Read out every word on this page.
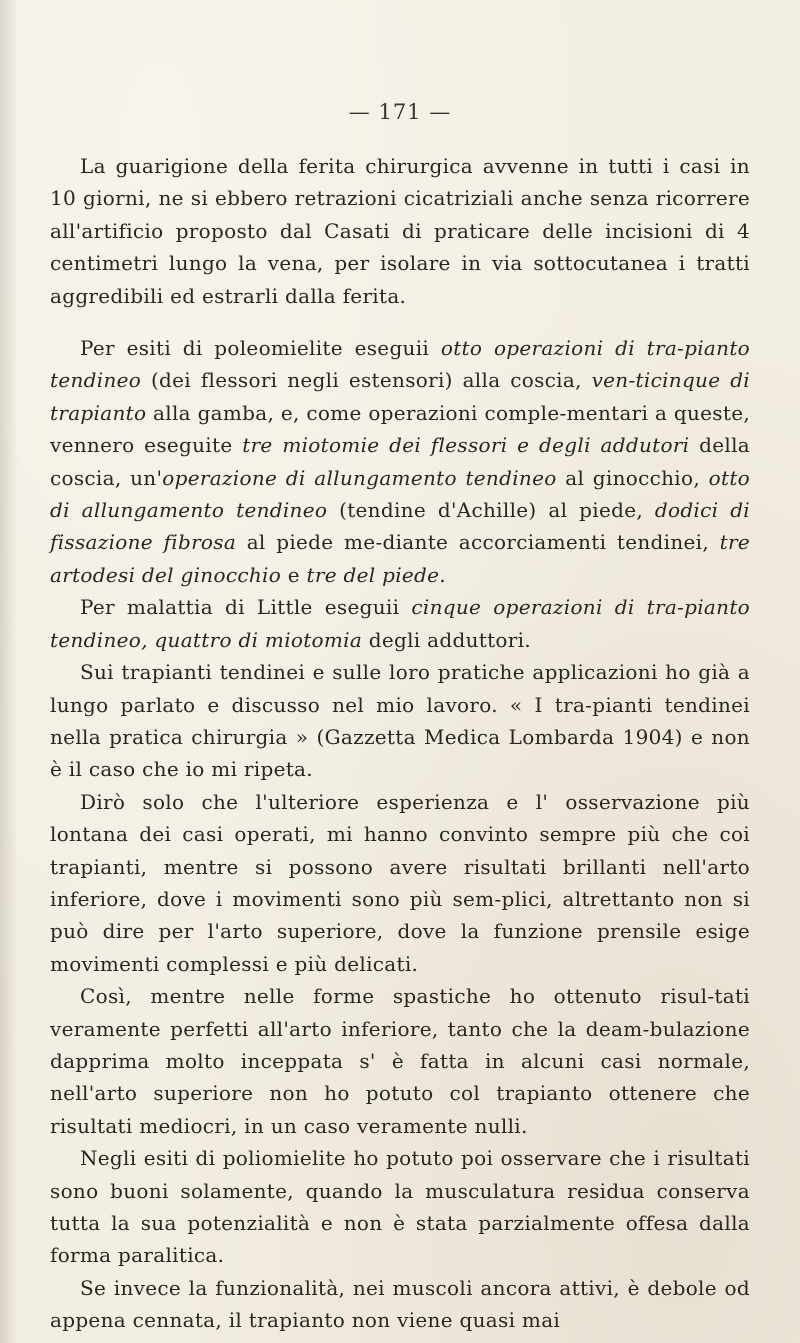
— 171 —

La guarigione della ferita chirurgica avvenne in tutti i casi in 10 giorni, ne si ebbero retrazioni cicatriziali anche senza ricorrere all'artificio proposto dal Casati di praticare delle incisioni di 4 centimetri lungo la vena, per isolare in via sottocutanea i tratti aggredibili ed estrarli dalla ferita.

Per esiti di poleomielite eseguii otto operazioni di tra-pianto tendineo (dei flessori negli estensori) alla coscia, ven-ticinque di trapianto alla gamba, e, come operazioni comple-mentari a queste, vennero eseguite tre miotomie dei flessori e degli addutori della coscia, un'operazione di allungamento tendineo al ginocchio, otto di allungamento tendineo (tendine d'Achille) al piede, dodici di fissazione fibrosa al piede me-diante accorciamenti tendinei, tre artodesi del ginocchio e tre del piede.

Per malattia di Little eseguii cinque operazioni di tra-pianto tendineo, quattro di miotomia degli adduttori.

Sui trapianti tendinei e sulle loro pratiche applicazioni ho già a lungo parlato e discusso nel mio lavoro. « I tra-pianti tendinei nella pratica chirurgia » (Gazzetta Medica Lombarda 1904) e non è il caso che io mi ripeta.

Dirò solo che l'ulteriore esperienza e l' osservazione più lontana dei casi operati, mi hanno convinto sempre più che coi trapianti, mentre si possono avere risultati brillanti nell'arto inferiore, dove i movimenti sono più sem-plici, altrettanto non si può dire per l'arto superiore, dove la funzione prensile esige movimenti complessi e più delicati.

Così, mentre nelle forme spastiche ho ottenuto risul-tati veramente perfetti all'arto inferiore, tanto che la deam-bulazione dapprima molto inceppata s' è fatta in alcuni casi normale, nell'arto superiore non ho potuto col trapianto ottenere che risultati mediocri, in un caso veramente nulli.

Negli esiti di poliomielite ho potuto poi osservare che i risultati sono buoni solamente, quando la musculatura residua conserva tutta la sua potenzialità e non è stata parzialmente offesa dalla forma paralitica.

Se invece la funzionalità, nei muscoli ancora attivi, è debole od appena cennata, il trapianto non viene quasi mai
